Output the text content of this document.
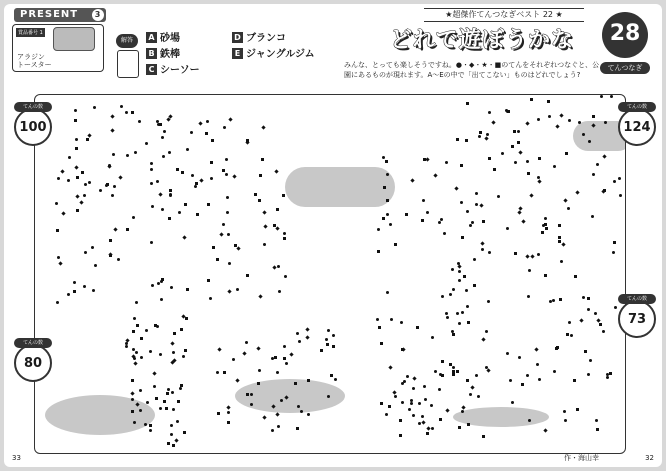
PRESENT	3
賞品番号 1
アラジン
トースター
解答	A 砂場
B 鉄棒
C シーソー
D ブランコ
E ジャングルジム
★超傑作てんつなぎベスト 22 ★
どれで遊ぼうかな
みんな、とっても楽しそうですね。●・◆・★・■のてんをそれぞれつなぐと、公園にあるものが現れます。A～Eの中で「出てこない」ものはどれでしょう?
28
てんつなぎ
てんの数
100
てんの数
80
てんの数
124
てんの数
73
33	作・海山幸	32
